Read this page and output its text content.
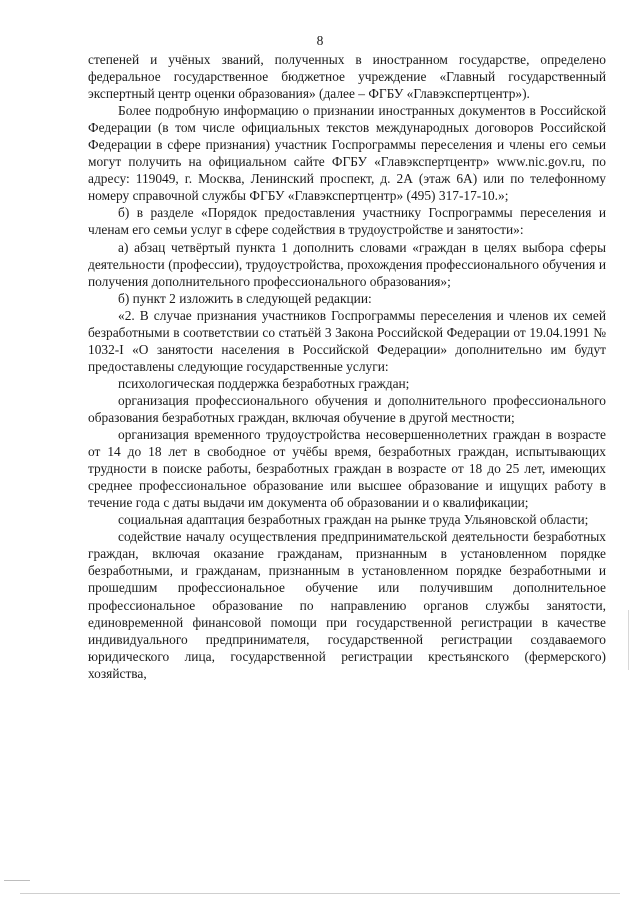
8

степеней и учёных званий, полученных в иностранном государстве, определено федеральное государственное бюджетное учреждение «Главный государственный экспертный центр оценки образования» (далее – ФГБУ «Главэкспертцентр»).

Более подробную информацию о признании иностранных документов в Российской Федерации (в том числе официальных текстов международных договоров Российской Федерации в сфере признания) участник Госпрограммы переселения и члены его семьи могут получить на официальном сайте ФГБУ «Главэкспертцентр» www.nic.gov.ru, по адресу: 119049, г. Москва, Ленинский проспект, д. 2А (этаж 6А) или по телефонному номеру справочной службы ФГБУ «Главэкспертцентр» (495) 317-17-10.»;

б) в разделе «Порядок предоставления участнику Госпрограммы переселения и членам его семьи услуг в сфере содействия в трудоустройстве и занятости»:

а) абзац четвёртый пункта 1 дополнить словами «граждан в целях выбора сферы деятельности (профессии), трудоустройства, прохождения профессионального обучения и получения дополнительного профессионального образования»;

б) пункт 2 изложить в следующей редакции:

«2. В случае признания участников Госпрограммы переселения и членов их семей безработными в соответствии со статьёй 3 Закона Российской Федерации от 19.04.1991 № 1032-I «О занятости населения в Российской Федерации» дополнительно им будут предоставлены следующие государственные услуги:

психологическая поддержка безработных граждан;

организация профессионального обучения и дополнительного профессионального образования безработных граждан, включая обучение в другой местности;

организация временного трудоустройства несовершеннолетних граждан в возрасте от 14 до 18 лет в свободное от учёбы время, безработных граждан, испытывающих трудности в поиске работы, безработных граждан в возрасте от 18 до 25 лет, имеющих среднее профессиональное образование или высшее образование и ищущих работу в течение года с даты выдачи им документа об образовании и о квалификации;

социальная адаптация безработных граждан на рынке труда Ульяновской области;

содействие началу осуществления предпринимательской деятельности безработных граждан, включая оказание гражданам, признанным в установленном порядке безработными, и гражданам, признанным в установленном порядке безработными и прошедшим профессиональное обучение или получившим дополнительное профессиональное образование по направлению органов службы занятости, единовременной финансовой помощи при государственной регистрации в качестве индивидуального предпринимателя, государственной регистрации создаваемого юридического лица, государственной регистрации крестьянского (фермерского) хозяйства,
